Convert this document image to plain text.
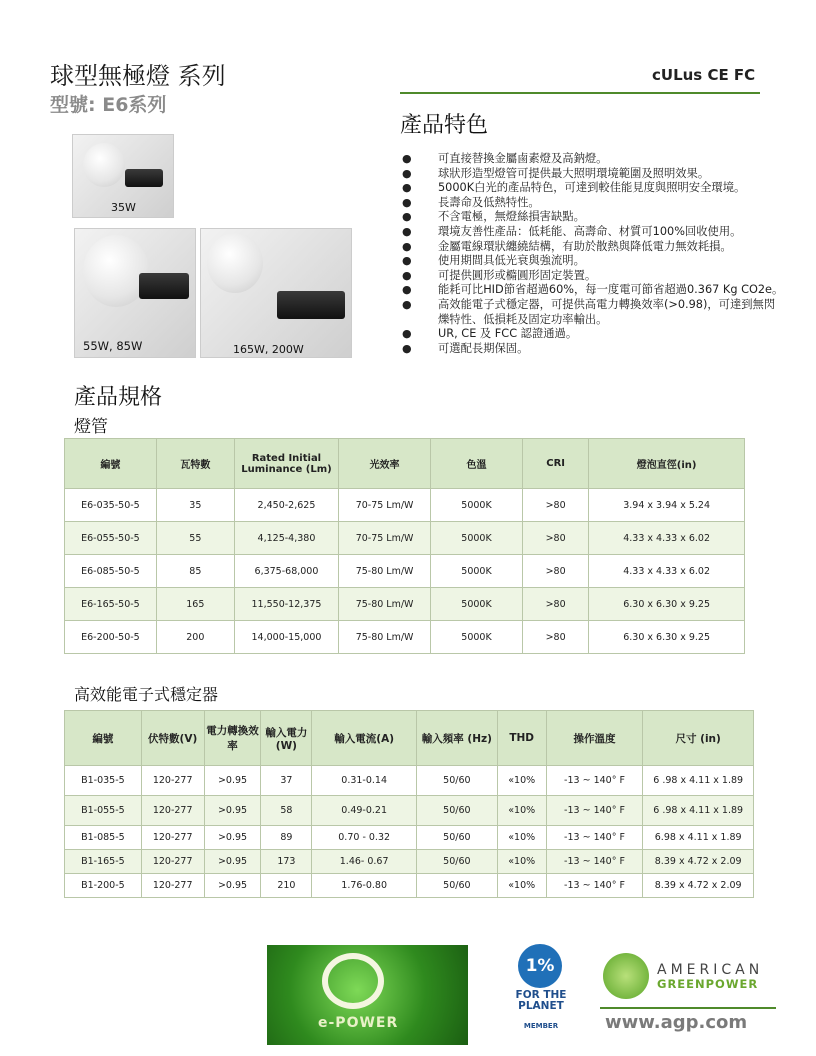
球型無極燈 系列
型號: E6系列
cULus CE FC
35W
55W, 85W	165W, 200W
產品特色
● 可直接替換金屬鹵素燈及高鈉燈。
● 球狀形造型燈管可提供最大照明環境範圍及照明效果。
● 5000K白光的產品特色，可達到較佳能見度與照明安全環境。
● 長壽命及低熱特性。
● 不含電極，無燈絲損害缺點。
● 環境友善性產品：低耗能、高壽命、材質可100%回收使用。
● 金屬電線環狀纏繞結構，有助於散熱與降低電力無效耗損。
● 使用期間具低光衰與強流明。
● 可提供圓形或橢圓形固定裝置。
● 能耗可比HID節省超過60%，每一度電可節省超過0.367 Kg CO2e。
● 高效能電子式穩定器，可提供高電力轉換效率(>0.98)，可達到無閃爍特性、低損耗及固定功率輸出。
● UR, CE 及 FCC 認證通過。
● 可選配長期保固。
產品規格
燈管
編號	瓦特數	Rated Initial Luminance (Lm)	光效率	色溫	CRI	燈泡直徑(in)
E6-035-50-5	35	2,450-2,625	70-75 Lm/W	5000K	>80	3.94 x 3.94 x 5.24
E6-055-50-5	55	4,125-4,380	70-75 Lm/W	5000K	>80	4.33 x 4.33 x 6.02
E6-085-50-5	85	6,375-68,000	75-80 Lm/W	5000K	>80	4.33 x 4.33 x 6.02
E6-165-50-5	165	11,550-12,375	75-80 Lm/W	5000K	>80	6.30 x 6.30 x 9.25
E6-200-50-5	200	14,000-15,000	75-80 Lm/W	5000K	>80	6.30 x 6.30 x 9.25
高效能電子式穩定器
編號	伏特數(V)	電力轉換效率	輸入電力(W)	輸入電流(A)	輸入頻率 (Hz)	THD	操作溫度	尺寸 (in)
B1-035-5	120-277	>0.95	37	0.31-0.14	50/60	«10%	-13 ~ 140° F	6 .98 x 4.11 x 1.89
B1-055-5	120-277	>0.95	58	0.49-0.21	50/60	«10%	-13 ~ 140° F	6 .98 x 4.11 x 1.89
B1-085-5	120-277	>0.95	89	0.70 - 0.32	50/60	«10%	-13 ~ 140° F	6.98 x 4.11 x 1.89
B1-165-5	120-277	>0.95	173	1.46- 0.67	50/60	«10%	-13 ~ 140° F	8.39 x 4.72 x 2.09
B1-200-5	120-277	>0.95	210	1.76-0.80	50/60	«10%	-13 ~ 140° F	8.39 x 4.72 x 2.09
e-POWER
1%
FOR THE PLANET
MEMBER
AMERICAN
GREENPOWER
www.agp.com
